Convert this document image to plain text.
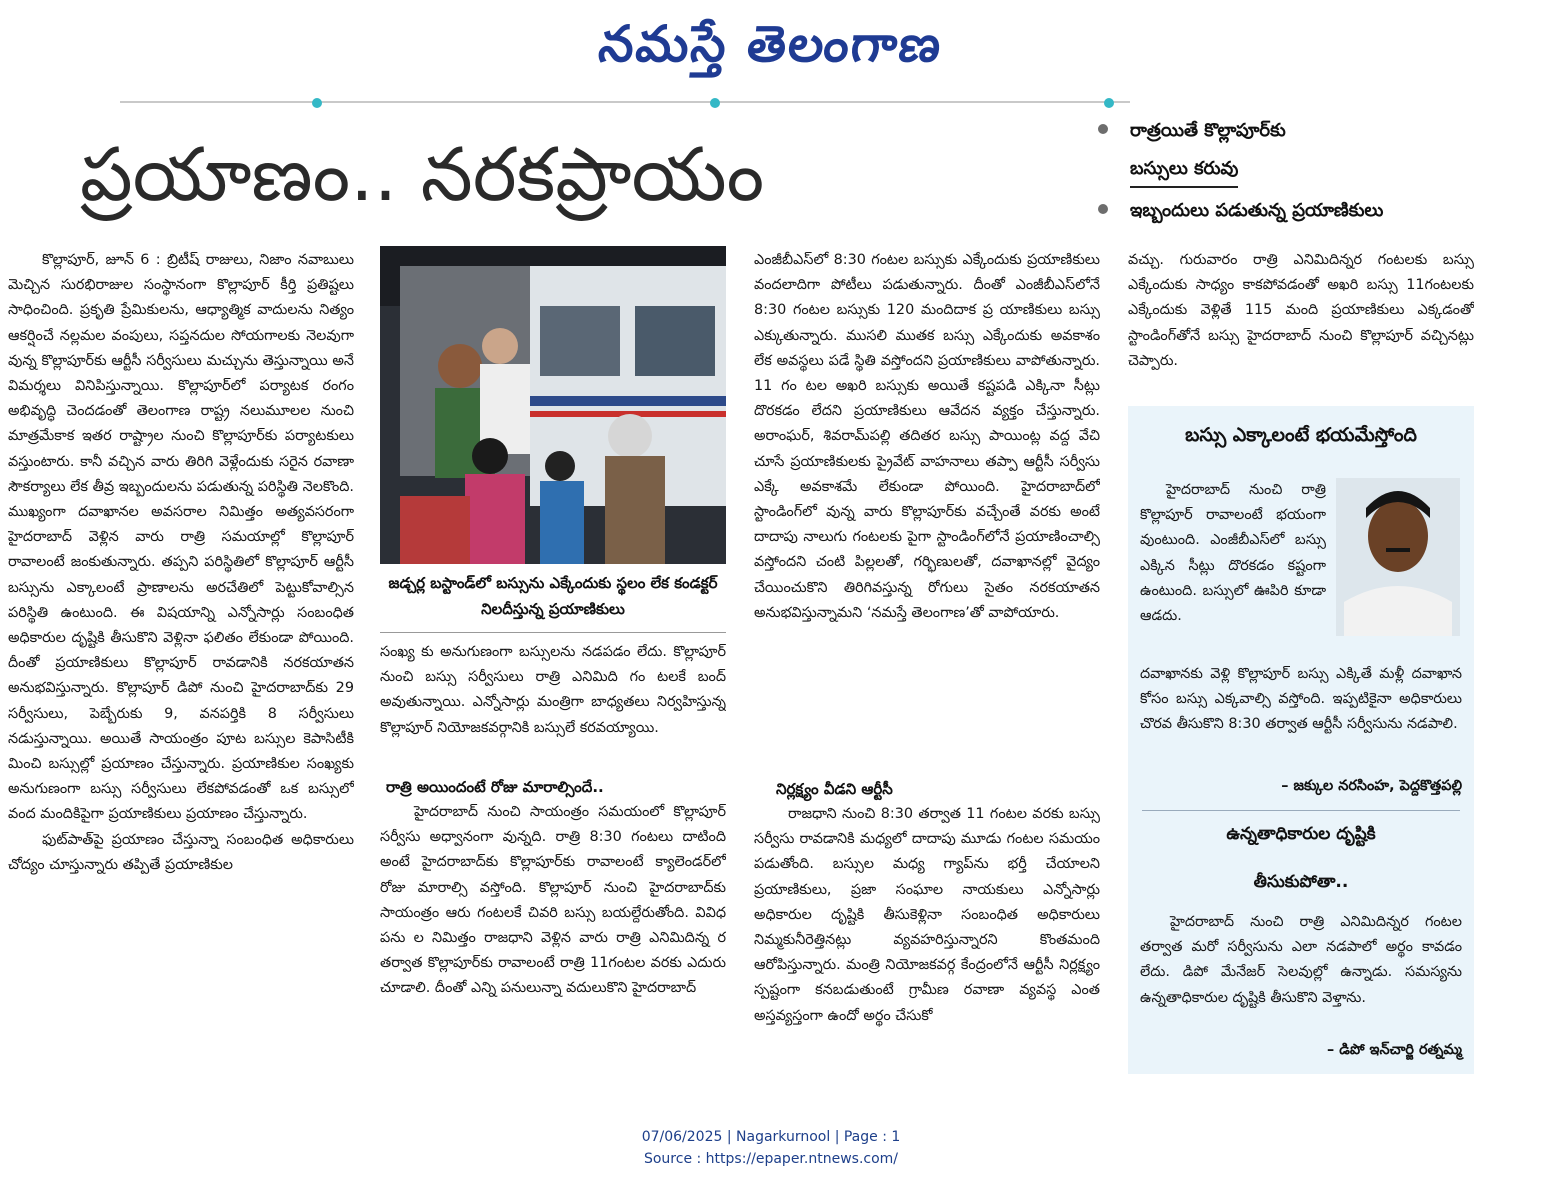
నమస్తే తెలంగాణ
ప్రయాణం.. నరకప్రాయం
రాత్రయితే కొల్లాపూర్‌కు
బస్సులు కరువు
ఇబ్బందులు పడుతున్న ప్రయాణికులు

కొల్లాపూర్, జూన్ 6 : బ్రిటీష్ రాజులు, నిజాం నవాబులు మెచ్చిన సురభిరాజుల సంస్థానంగా కొల్లాపూర్ కీర్తి ప్రతిష్టలు సాధించింది. ప్రకృతి ప్రేమికులను, ఆధ్యాత్మిక వాదులను నిత్యం ఆకర్షించే నల్లమల వంపులు, సప్తనదుల సోయగాలకు నెలవుగా వున్న కొల్లాపూర్‌కు ఆర్టీసీ సర్వీసులు మచ్చును తెస్తున్నాయి అనే విమర్శలు వినిపిస్తున్నాయి. కొల్లాపూర్‌లో పర్యాటక రంగం అభివృద్ధి చెందడంతో తెలంగాణ రాష్ట్ర నలుమూలల నుంచి మాత్రమేకాక ఇతర రాష్ట్రాల నుంచి కొల్లాపూర్‌కు పర్యాటకులు వస్తుంటారు. కానీ వచ్చిన వారు తిరిగి వెళ్లేందుకు సరైన రవాణా సౌకర్యాలు లేక తీవ్ర ఇబ్బందులను పడుతున్న పరిస్థితి నెలకొంది. ముఖ్యంగా దవాఖానల అవసరాల నిమిత్తం అత్యవసరంగా హైదరాబాద్ వెళ్లిన వారు రాత్రి సమయాల్లో కొల్లాపూర్ రావాలంటే జంకుతున్నారు. తప్పని పరిస్థితిలో కొల్లాపూర్ ఆర్టీసీ బస్సును ఎక్కాలంటే ప్రాణాలను అరచేతిలో పెట్టుకోవాల్సిన పరిస్థితి ఉంటుంది. ఈ విషయాన్ని ఎన్నోసార్లు సంబంధిత అధికారుల దృష్టికి తీసుకొని వెళ్లినా ఫలితం లేకుండా పోయింది. దీంతో ప్రయాణికులు కొల్లాపూర్ రావడానికి నరకయాతన అనుభవిస్తున్నారు. కొల్లాపూర్ డిపో నుంచి హైదరాబాద్‌కు 29 సర్వీసులు, పెబ్బేరుకు 9, వనపర్తికి 8 సర్వీసులు నడుస్తున్నాయి. అయితే సాయంత్రం పూట బస్సుల కెపాసిటీకి మించి బస్సుల్లో ప్రయాణం చేస్తున్నారు. ప్రయాణికుల సంఖ్యకు అనుగుణంగా బస్సు సర్వీసులు లేకపోవడంతో ఒక బస్సులో వంద మందికిపైగా ప్రయాణికులు ప్రయాణం చేస్తున్నారు.

ఫుట్‌పాత్‌పై ప్రయాణం చేస్తున్నా సంబంధిత అధికారులు చోద్యం చూస్తున్నారు తప్పితే ప్రయాణికుల

జడ్చర్ల బస్టాండ్‌లో బస్సును ఎక్కేందుకు స్థలం లేక కండక్టర్ నిలదీస్తున్న ప్రయాణికులు

సంఖ్య కు అనుగుణంగా బస్సులను నడపడం లేదు. కొల్లాపూర్ నుంచి బస్సు సర్వీసులు రాత్రి ఎనిమిది గం టలకే బంద్ అవుతున్నాయి. ఎన్నోసార్లు మంత్రిగా బాధ్యతలు నిర్వహిస్తున్న కొల్లాపూర్ నియోజకవర్గానికి బస్సులే కరవయ్యాయి.

రాత్రి అయిందంటే రోజు మారాల్సిందే..

హైదరాబాద్ నుంచి సాయంత్రం సమయంలో కొల్లాపూర్ సర్వీసు అధ్వానంగా వున్నది. రాత్రి 8:30 గంటలు దాటింది అంటే హైదరాబాద్‌కు కొల్లాపూర్‌కు రావాలంటే క్యాలెండర్‌లో రోజు మారాల్సి వస్తోంది. కొల్లాపూర్ నుంచి హైదరాబాద్‌కు సాయంత్రం ఆరు గంటలకే చివరి బస్సు బయల్దేరుతోంది. వివిధ పను ల నిమిత్తం రాజధాని వెళ్లిన వారు రాత్రి ఎనిమిదిన్న ర తర్వాత కొల్లాపూర్‌కు రావాలంటే రాత్రి 11గంటల వరకు ఎదురు చూడాలి. దీంతో ఎన్ని పనులున్నా వదులుకొని హైదరాబాద్

ఎంజీబీఎస్‌లో 8:30 గంటల బస్సుకు ఎక్కేందుకు ప్రయాణికులు వందలాదిగా పోటీలు పడుతున్నారు. దీంతో ఎంజీబీఎస్‌లోనే 8:30 గంటల బస్సుకు 120 మందిదాక ప్ర యాణికులు బస్సు ఎక్కుతున్నారు. ముసలి ముతక బస్సు ఎక్కేందుకు అవకాశం లేక అవస్థలు పడే స్థితి వస్తోందని ప్రయాణికులు వాపోతున్నారు. 11 గం టల అఖరి బస్సుకు అయితే కష్టపడి ఎక్కినా సీట్లు దొరకడం లేదని ప్రయాణికులు ఆవేదన వ్యక్తం చేస్తున్నారు. అరాంఘర్, శివరామ్‌పల్లి తదితర బస్సు పాయింట్ల వద్ద వేచి చూసే ప్రయాణికులకు ప్రైవేట్ వాహనాలు తప్పా ఆర్టీసీ సర్వీసు ఎక్కే అవకాశమే లేకుండా పోయింది. హైదరాబాద్‌లో స్టాండింగ్‌లో వున్న వారు కొల్లాపూర్‌కు వచ్చేంతే వరకు అంటే దాదాపు నాలుగు గంటలకు పైగా స్టాండింగ్‌లోనే ప్రయాణించాల్సి వస్తోందని చంటి పిల్లలతో, గర్భిణులతో, దవాఖానల్లో వైద్యం చేయించుకొని తిరిగివస్తున్న రోగులు సైతం నరకయాతన అనుభవిస్తున్నామని ‘నమస్తే తెలంగాణ’తో వాపోయారు.

నిర్లక్ష్యం వీడని ఆర్టీసీ

రాజధాని నుంచి 8:30 తర్వాత 11 గంటల వరకు బస్సు సర్వీసు రావడానికి మధ్యలో దాదాపు మూడు గంటల సమయం పడుతోంది. బస్సుల మధ్య గ్యాప్‌ను భర్తీ చేయాలని ప్రయాణికులు, ప్రజా సంఘాల నాయకులు ఎన్నోసార్లు అధికారుల దృష్టికి తీసుకెళ్లినా సంబంధిత అధికారులు నిమ్మకునీరెత్తినట్లు వ్యవహరిస్తున్నారని కొంతమంది ఆరోపిస్తున్నారు. మంత్రి నియోజకవర్గ కేంద్రంలోనే ఆర్టీసీ నిర్లక్ష్యం స్పష్టంగా కనబడుతుంటే గ్రామీణ రవాణా వ్యవస్థ ఎంత అస్తవ్యస్తంగా ఉందో అర్థం చేసుకో

వచ్చు. గురువారం రాత్రి ఎనిమిదిన్నర గంటలకు బస్సు ఎక్కేందుకు సాధ్యం కాకపోవడంతో అఖరి బస్సు 11గంటలకు ఎక్కేందుకు వెళ్లితే 115 మంది ప్రయాణికులు ఎక్కడంతో స్టాండింగ్‌తోనే బస్సు హైదరాబాద్ నుంచి కొల్లాపూర్ వచ్చినట్లు చెప్పారు.

బస్సు ఎక్కాలంటే భయమేస్తోంది
హైదరాబాద్ నుంచి రాత్రి కొల్లాపూర్ రావాలంటే భయంగా వుంటుంది. ఎంజీబీఎస్‌లో బస్సు ఎక్కిన సీట్లు దొరకడం కష్టంగా ఉంటుంది. బస్సులో ఊపిరి కూడా ఆడదు.
దవాఖానకు వెళ్లి కొల్లాపూర్ బస్సు ఎక్కితే మళ్లీ దవాఖాన కోసం బస్సు ఎక్కవాల్సి వస్తోంది. ఇప్పటికైనా అధికారులు చొరవ తీసుకొని 8:30 తర్వాత ఆర్టీసీ సర్వీసును నడపాలి.
– జక్కుల నరసింహ, పెద్దకొత్తపల్లి
ఉన్నతాధికారుల దృష్టికి
తీసుకుపోతా..
హైదరాబాద్ నుంచి రాత్రి ఎనిమిదిన్నర గంటల తర్వాత మరో సర్వీసును ఎలా నడపాలో అర్థం కావడం లేదు. డిపో మేనేజర్ సెలవుల్లో ఉన్నాడు. సమస్యను ఉన్నతాధికారుల దృష్టికి తీసుకొని వెళ్తాను.
– డిపో ఇన్‌చార్జి రత్నమ్మ
07/06/2025 | Nagarkurnool | Page : 1
Source : https://epaper.ntnews.com/
